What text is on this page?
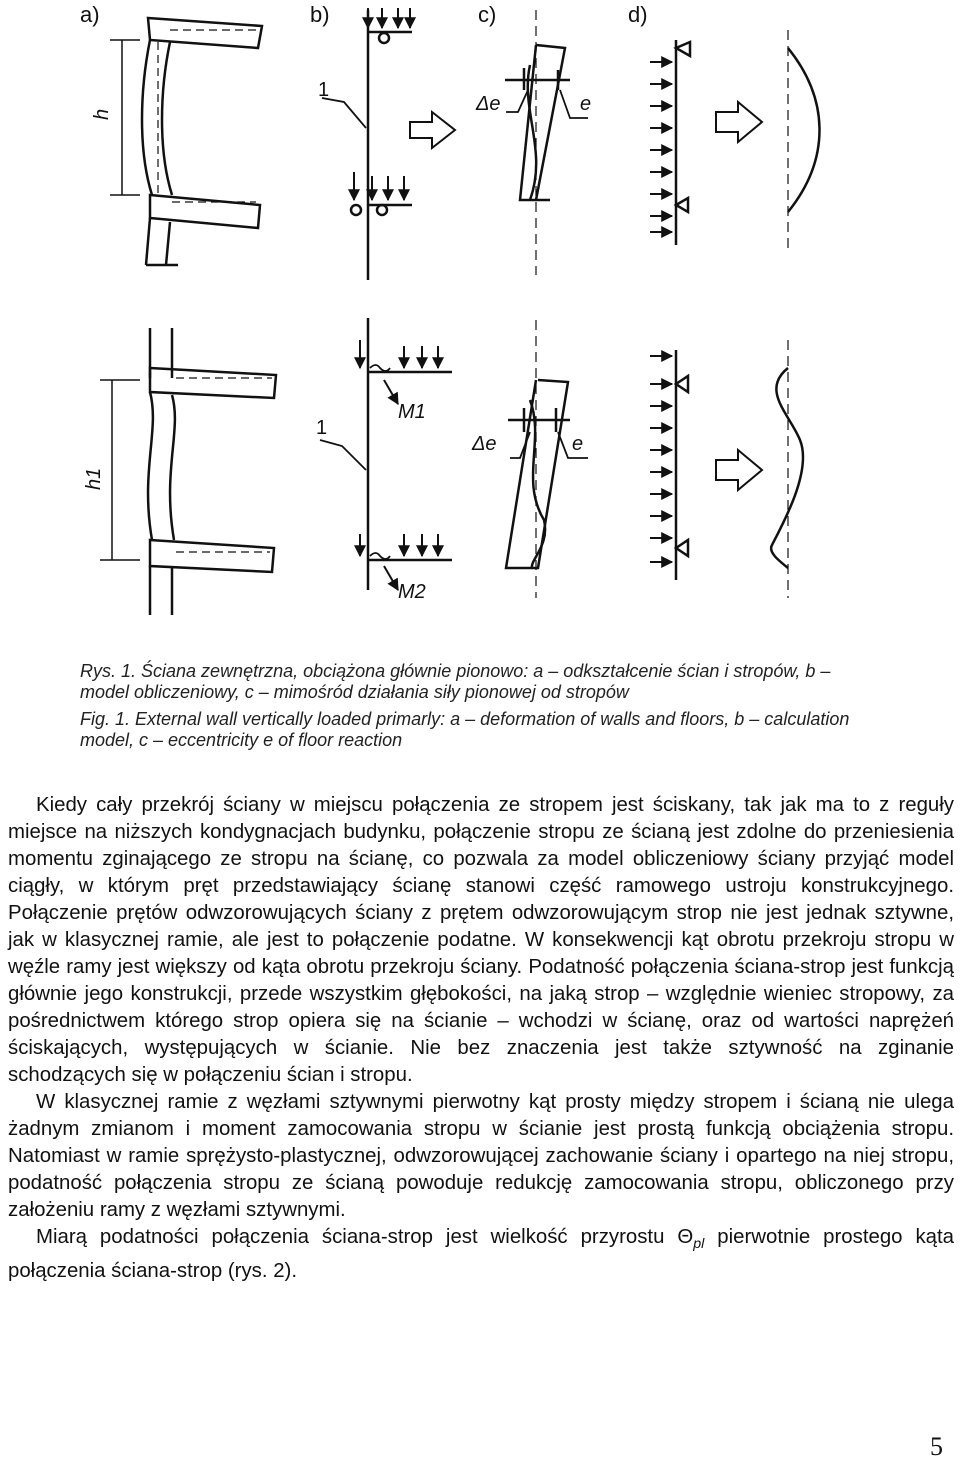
a)	b)	c)	d)
h
h1
1
1
M1
M2
Δe	e
Δe	e

Rys. 1. Ściana zewnętrzna, obciążona głównie pionowo: a – odkształcenie ścian i stropów, b – model obliczeniowy, c – mimośród działania siły pionowej od stropów

Fig. 1. External wall vertically loaded primarly: a – deformation of walls and floors, b – calculation model, c – eccentricity e of floor reaction

Kiedy cały przekrój ściany w miejscu połączenia ze stropem jest ściskany, tak jak ma to z reguły miejsce na niższych kondygnacjach budynku, połączenie stropu ze ścianą jest zdolne do przeniesienia momentu zginającego ze stropu na ścianę, co pozwala za model obliczeniowy ściany przyjąć model ciągły, w którym pręt przedstawiający ścianę stanowi część ramowego ustroju konstrukcyjnego. Połączenie prętów odwzorowujących ściany z prętem odwzorowującym strop nie jest jednak sztywne, jak w klasycznej ramie, ale jest to połączenie podatne. W konsekwencji kąt obrotu przekroju stropu w węźle ramy jest większy od kąta obrotu przekroju ściany. Podatność połączenia ściana-strop jest funkcją głównie jego konstrukcji, przede wszystkim głębokości, na jaką strop – względnie wieniec stropowy, za pośrednictwem którego strop opiera się na ścianie – wchodzi w ścianę, oraz od wartości naprężeń ściskających, występujących w ścianie. Nie bez znaczenia jest także sztywność na zginanie schodzących się w połączeniu ścian i stropu.

W klasycznej ramie z węzłami sztywnymi pierwotny kąt prosty między stropem i ścianą nie ulega żadnym zmianom i moment zamocowania stropu w ścianie jest prostą funkcją obciążenia stropu. Natomiast w ramie sprężysto-plastycznej, odwzorowującej zachowanie ściany i opartego na niej stropu, podatność połączenia stropu ze ścianą powoduje redukcję zamocowania stropu, obliczonego przy założeniu ramy z węzłami sztywnymi.

Miarą podatności połączenia ściana-strop jest wielkość przyrostu $\Theta_{pl}$ pierwotnie prostego kąta połączenia ściana-strop (rys. 2).

5
